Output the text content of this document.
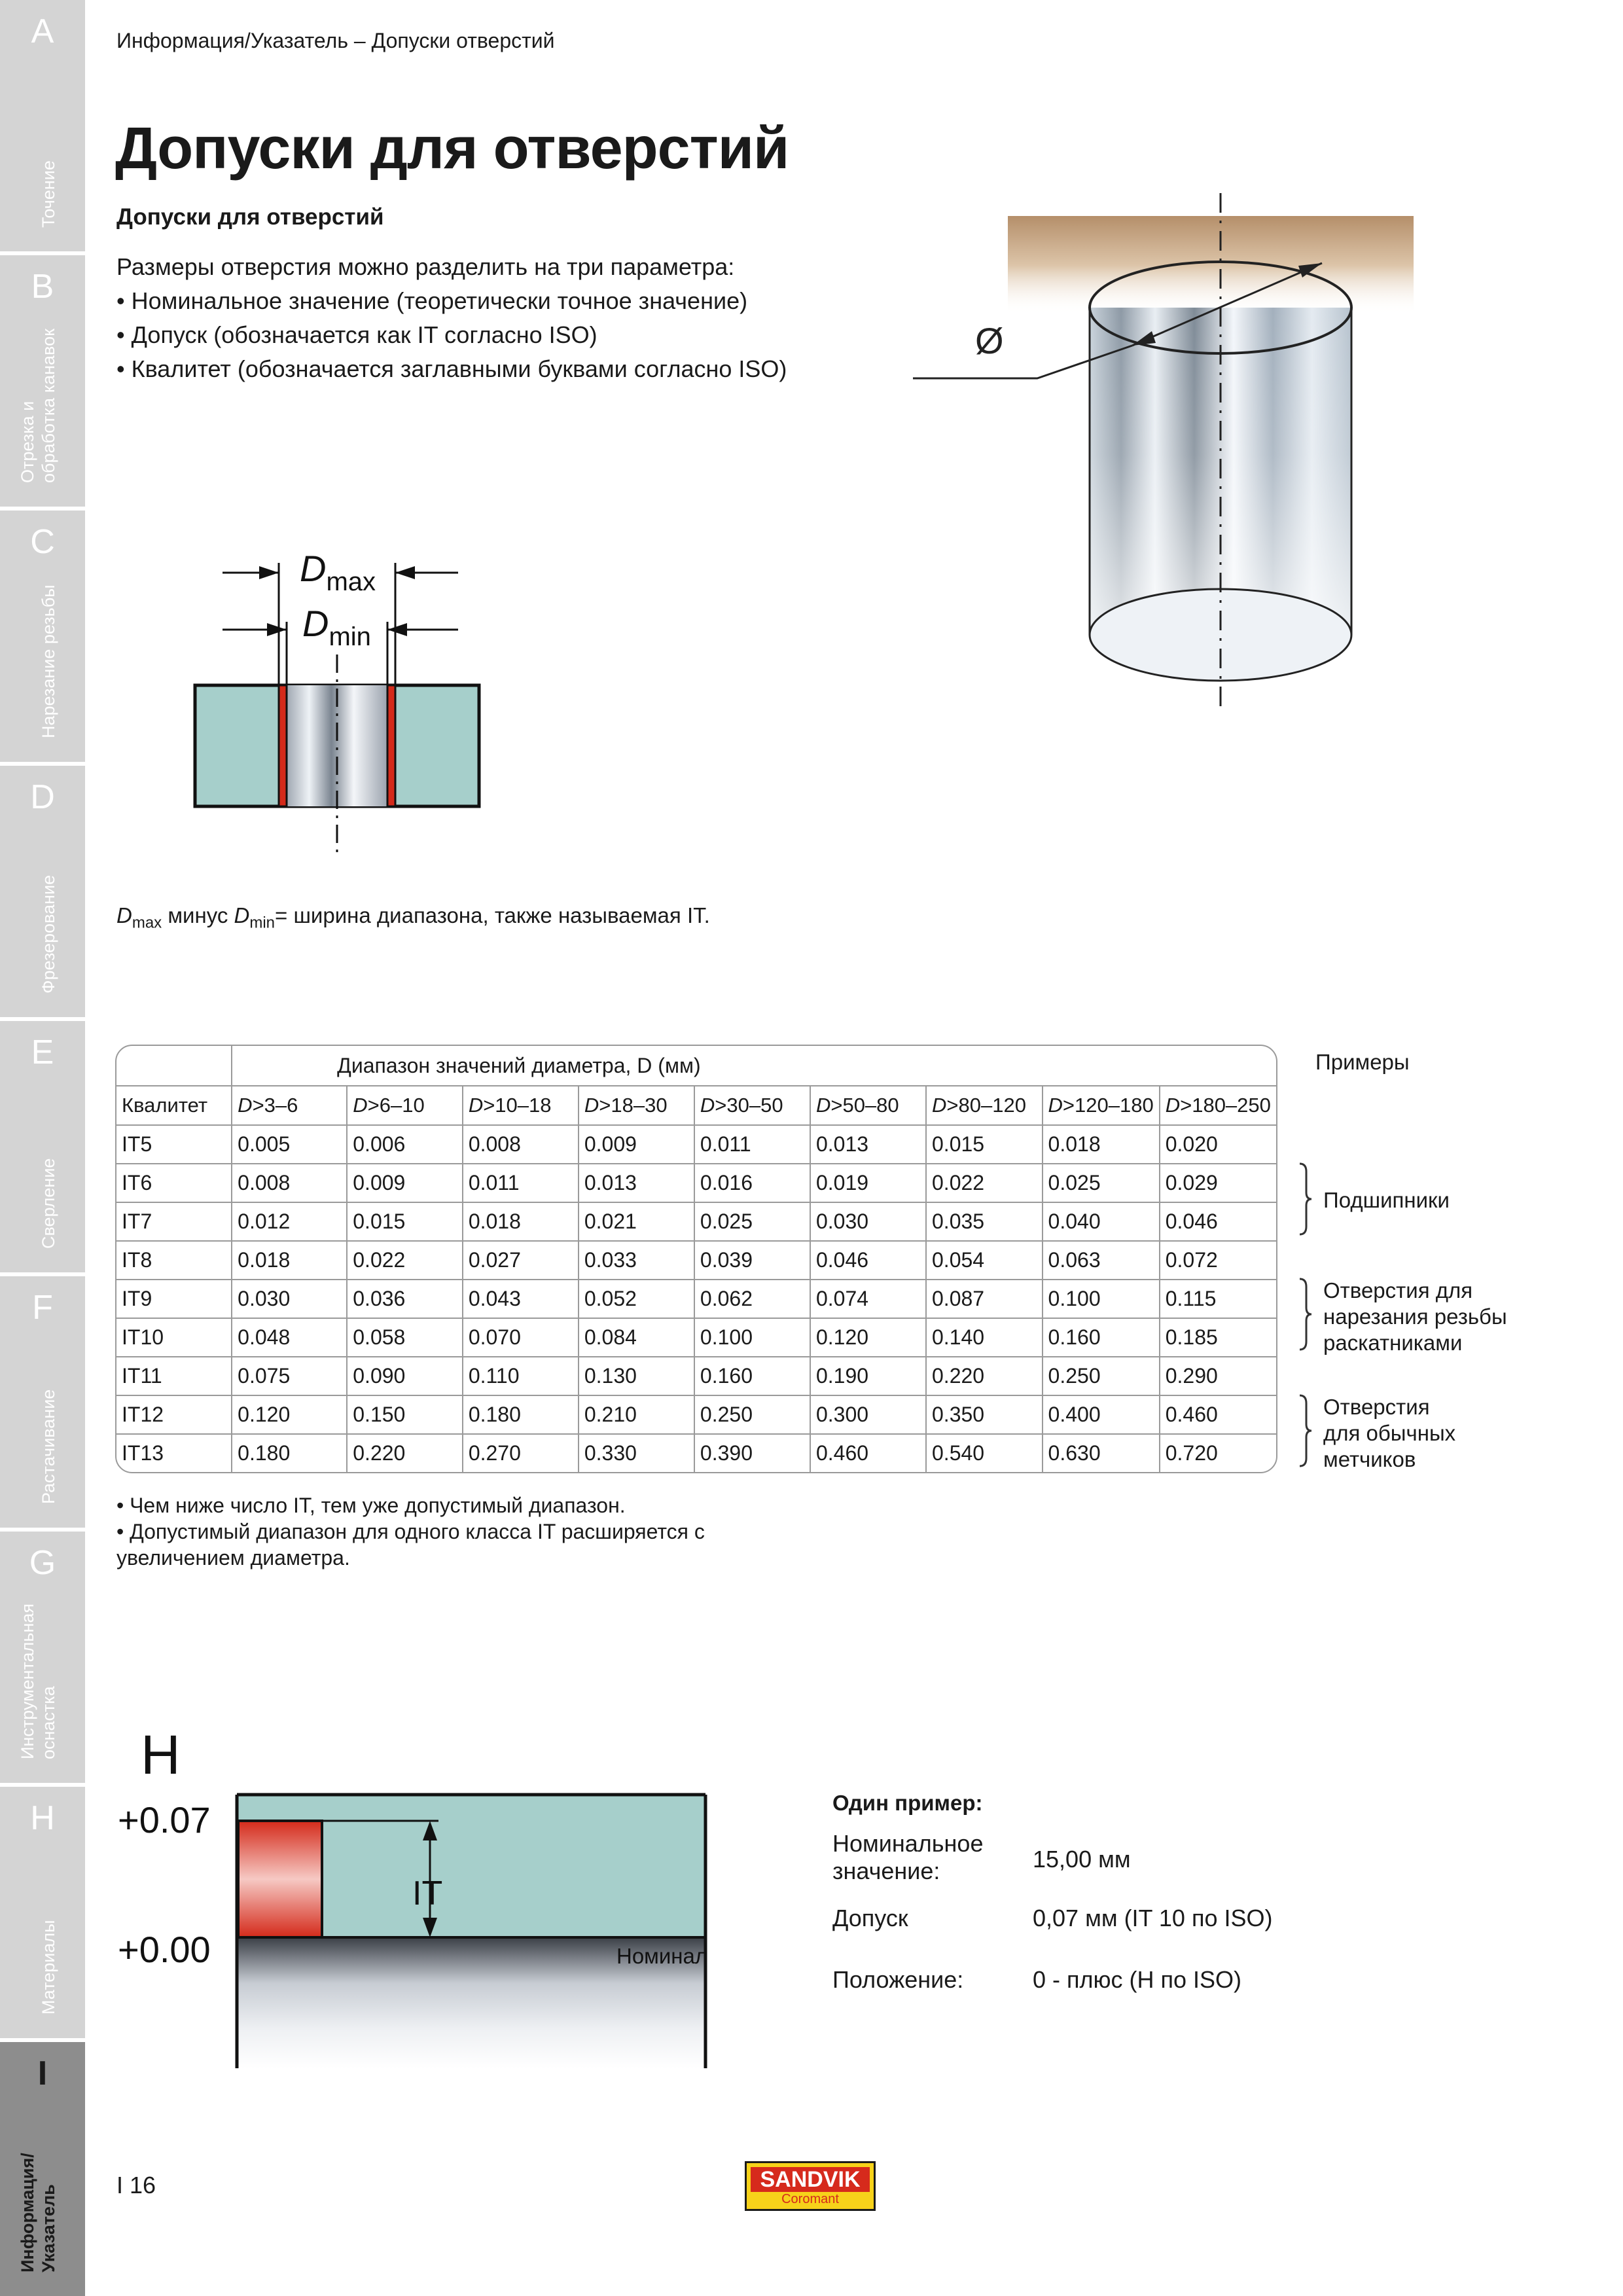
A
Точение
B
Отрезка и
обработка канавок
C
Нарезание резьбы
D
Фрезерование
E
Сверление
F
Растачивание
G
Инструментальная
оснастка
H
Материалы
I
Информация/
Указатель
Информация/Указатель – Допуски отверстий
Допуски для отверстий
Допуски для отверстий
Размеры отверстия можно разделить на три параметра:
• Номинальное значение (теоретически точное значение)
• Допуск (обозначается как IT согласно ISO)
• Квалитет (обозначается заглавными буквами согласно ISO)
Ø
$D_{max}$
$D_{min}$
$D_{max}$ минус $D_{min}=$ ширина диапазона, также называемая IT.
	Диапазон значений диаметра, D (мм)								
Квалитет	D>3–6	D>6–10	D>10–18	D>18–30	D>30–50	D>50–80	D>80–120	D>120–180	D>180–250
IT5	0.005	0.006	0.008	0.009	0.011	0.013	0.015	0.018	0.020
IT6	0.008	0.009	0.011	0.013	0.016	0.019	0.022	0.025	0.029
IT7	0.012	0.015	0.018	0.021	0.025	0.030	0.035	0.040	0.046
IT8	0.018	0.022	0.027	0.033	0.039	0.046	0.054	0.063	0.072
IT9	0.030	0.036	0.043	0.052	0.062	0.074	0.087	0.100	0.115
IT10	0.048	0.058	0.070	0.084	0.100	0.120	0.140	0.160	0.185
IT11	0.075	0.090	0.110	0.130	0.160	0.190	0.220	0.250	0.290
IT12	0.120	0.150	0.180	0.210	0.250	0.300	0.350	0.400	0.460
IT13	0.180	0.220	0.270	0.330	0.390	0.460	0.540	0.630	0.720
Примеры
Подшипники
Отверстия для
нарезания резьбы
раскатниками
Отверстия
для обычных
метчиков
• Чем ниже число IT, тем уже допустимый диапазон.
• Допустимый диапазон для одного класса IT расширяется с увеличением диаметра.
H
IT
+0.07
+0.00	Номинал
Один пример:
Номинальное
значение:	15,00 мм
Допуск	0,07 мм (IT 10 по ISO)
Положение:	0 - плюс (H по ISO)
I 16	SANDVIK
Coromant
